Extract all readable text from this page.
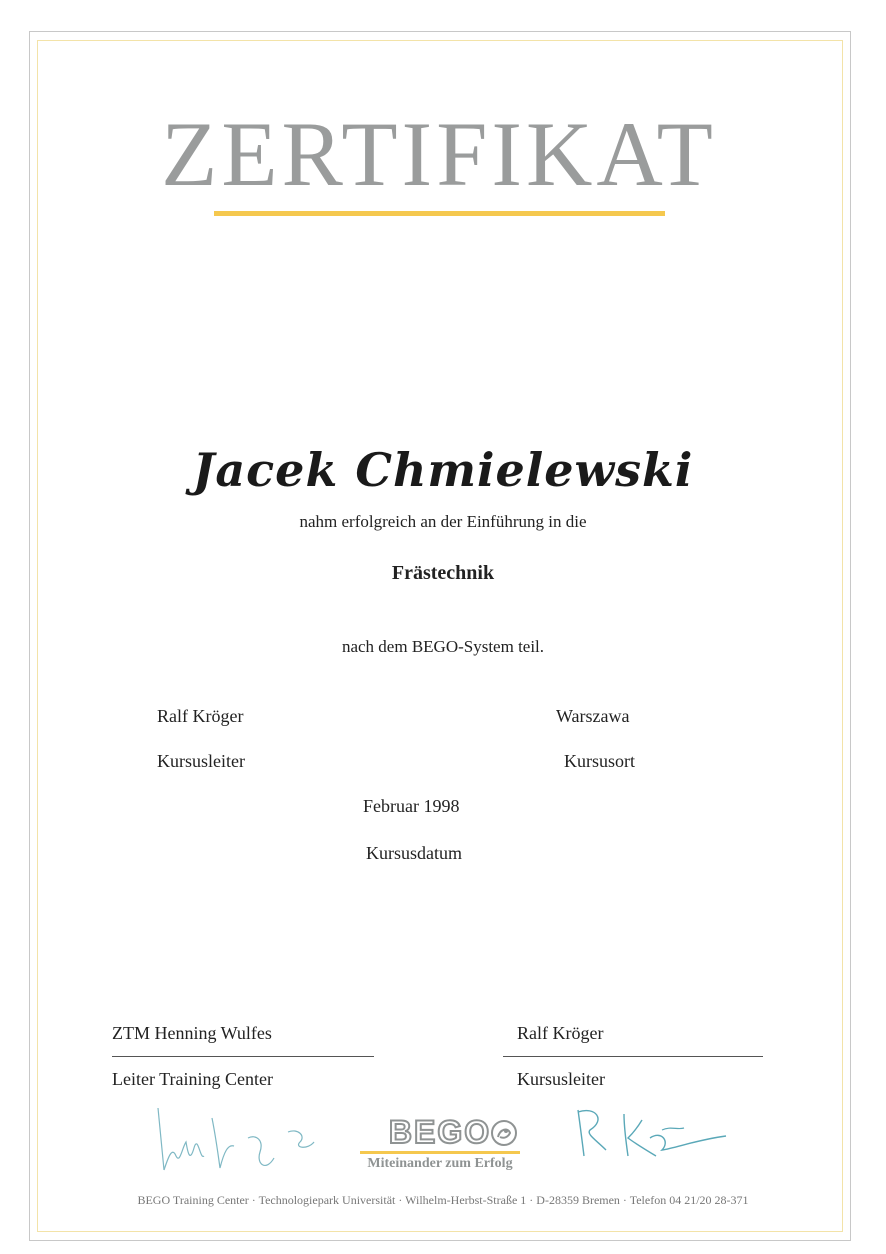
ZERTIFIKAT
Jacek Chmielewski
nahm erfolgreich an der Einführung in die
Frästechnik
nach dem BEGO-System teil.
Ralf Kröger
Kursusleiter
Warszawa
Kursusort
Februar 1998
Kursusdatum
ZTM Henning Wulfes
Leiter Training Center
Ralf Kröger
Kursusleiter
BEGO
Miteinander zum Erfolg
BEGO Training Center · Technologiepark Universität · Wilhelm-Herbst-Straße 1 · D-28359 Bremen · Telefon 04 21/20 28-371
